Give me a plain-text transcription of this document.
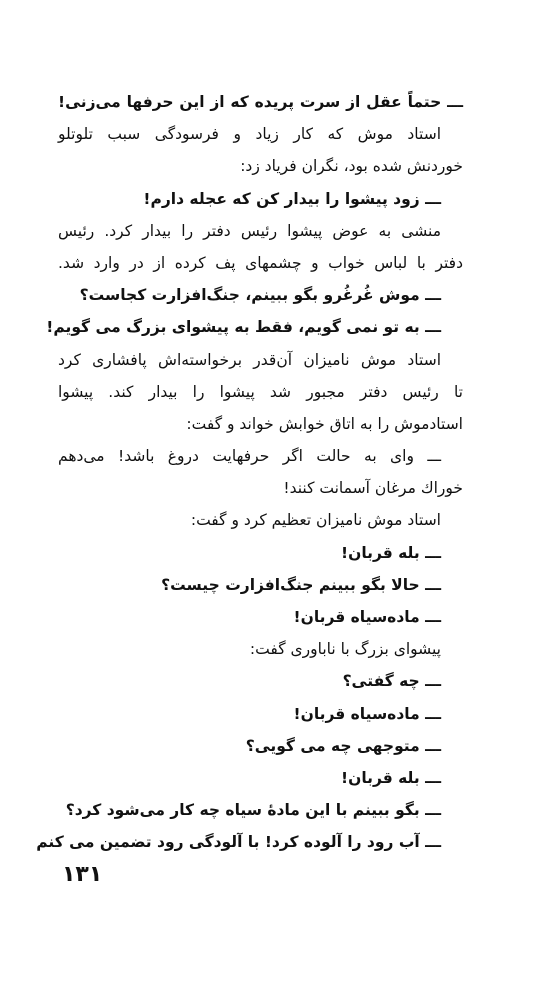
ـــ حتماً عقل از سرت پریده که از این حرفها می‌زنی!
استاد موش که کار زیاد و فرسودگی سبب تلوتلو
خوردنش شده بود، نگران فریاد زد:
ـــ زود پیشوا را بیدار کن که عجله دارم!
منشی به عوض پیشوا رئیس دفتر را بیدار کرد. رئیس
دفتر با لباس خواب و چشمهای پف کرده از در وارد شد.
ـــ موش غُرغُرو بگو ببینم، جنگ‌افزارت کجاست؟
ـــ به تو نمی گویم، فقط به پیشوای بزرگ می گویم!
استاد موش نامیزان آن‌قدر برخواسته‌اش پافشاری کرد
تا رئیس دفتر مجبور شد پیشوا را بیدار کند. پیشوا
استادموش را به اتاق خوابش خواند و گفت:
ـــ وای به حالت اگر حرفهایت دروغ باشد! می‌دهم
خوراك مرغان آسمانت کنند!
استاد موش نامیزان تعظیم کرد و گفت:
ـــ بله قربان!
ـــ حالا بگو ببینم جنگ‌افزارت چیست؟
ـــ ماده‌سیاه قربان!
پیشوای بزرگ با ناباوری گفت:
ـــ چه گفتی؟
ـــ ماده‌سیاه قربان!
ـــ متوجهی چه می گویی؟
ـــ بله قربان!
ـــ بگو ببینم با این مادهٔ سیاه چه کار می‌شود کرد؟
ـــ آب رود را آلوده کرد! با آلودگی رود تضمین می کنم
۱۳۱
